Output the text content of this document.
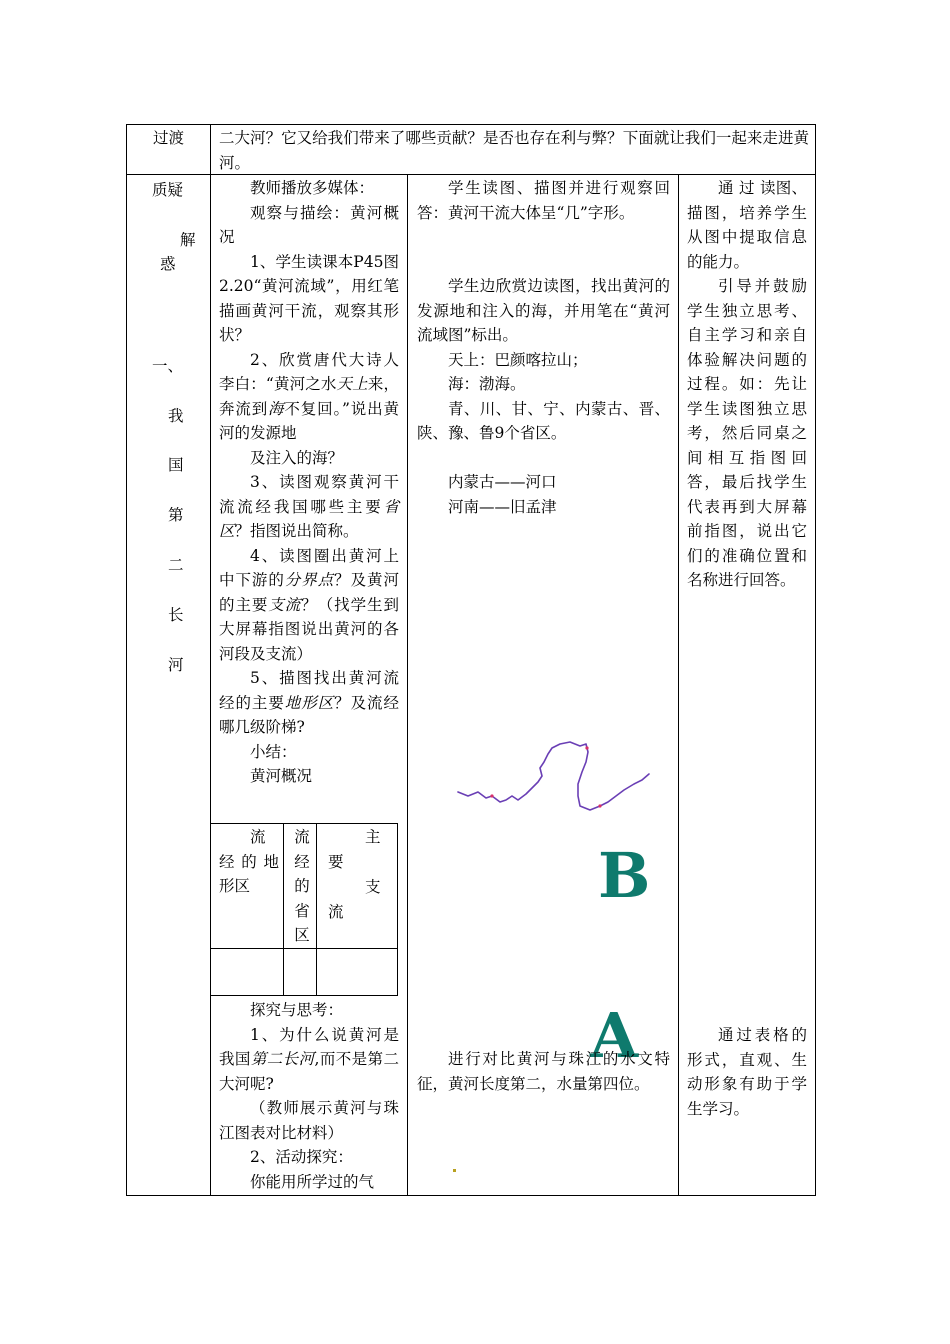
过渡	二大河？它又给我们带来了哪些贡献？是否也存在利与弊？下面就让我们一起来走进黄河。
质疑
解
惑
一、
我
国
第
二
长
河

教师播放多媒体：

观察与描绘：黄河概况

1、学生读课本P45图2.20“黄河流域”，用红笔描画黄河干流，观察其形状？

2、欣赏唐代大诗人李白：“黄河之水天上来， 奔流到海不复回。”说出黄河的发源地

及注入的海？

3、读图观察黄河干流流经我国哪些主要省区？指图说出简称。

4、读图圈出黄河上中下游的分界点？及黄河的主要支流？（找学生到大屏幕指图说出黄河的各河段及支流）

5、描图找出黄河流经的主要地形区？及流经哪几级阶梯?

小结：

黄河概况

流经的地形区
流经的省区
主
要
支
流

探究与思考：

1、为什么说黄河是我国第二长河,而不是第二大河呢?

（教师展示黄河与珠江图表对比材料）

2、活动探究：

你能用所学过的气

学生读图、描图并进行观察回答：黄河干流大体呈“几”字形。

学生边欣赏边读图，找出黄河的发源地和注入的海，并用笔在“黄河流域图”标出。

天上：巴颜喀拉山；

海：渤海。

青、川、甘、宁、内蒙古、晋、陕、豫、鲁9个省区。

内蒙古——河口

河南——旧孟津

B
A

进行对比黄河与珠江的水文特征，黄河长度第二，水量第四位。

通 过 读图、描图，培养学生从图中提取信息的能力。

引导并鼓励学生独立思考、自主学习和亲自体验解决问题的过程。如：先让学生读图独立思考，然后同桌之间相互指图回答，最后找学生代表再到大屏幕前指图，说出它们的准确位置和名称进行回答。

通过表格的形式，直观、生动形象有助于学生学习。
